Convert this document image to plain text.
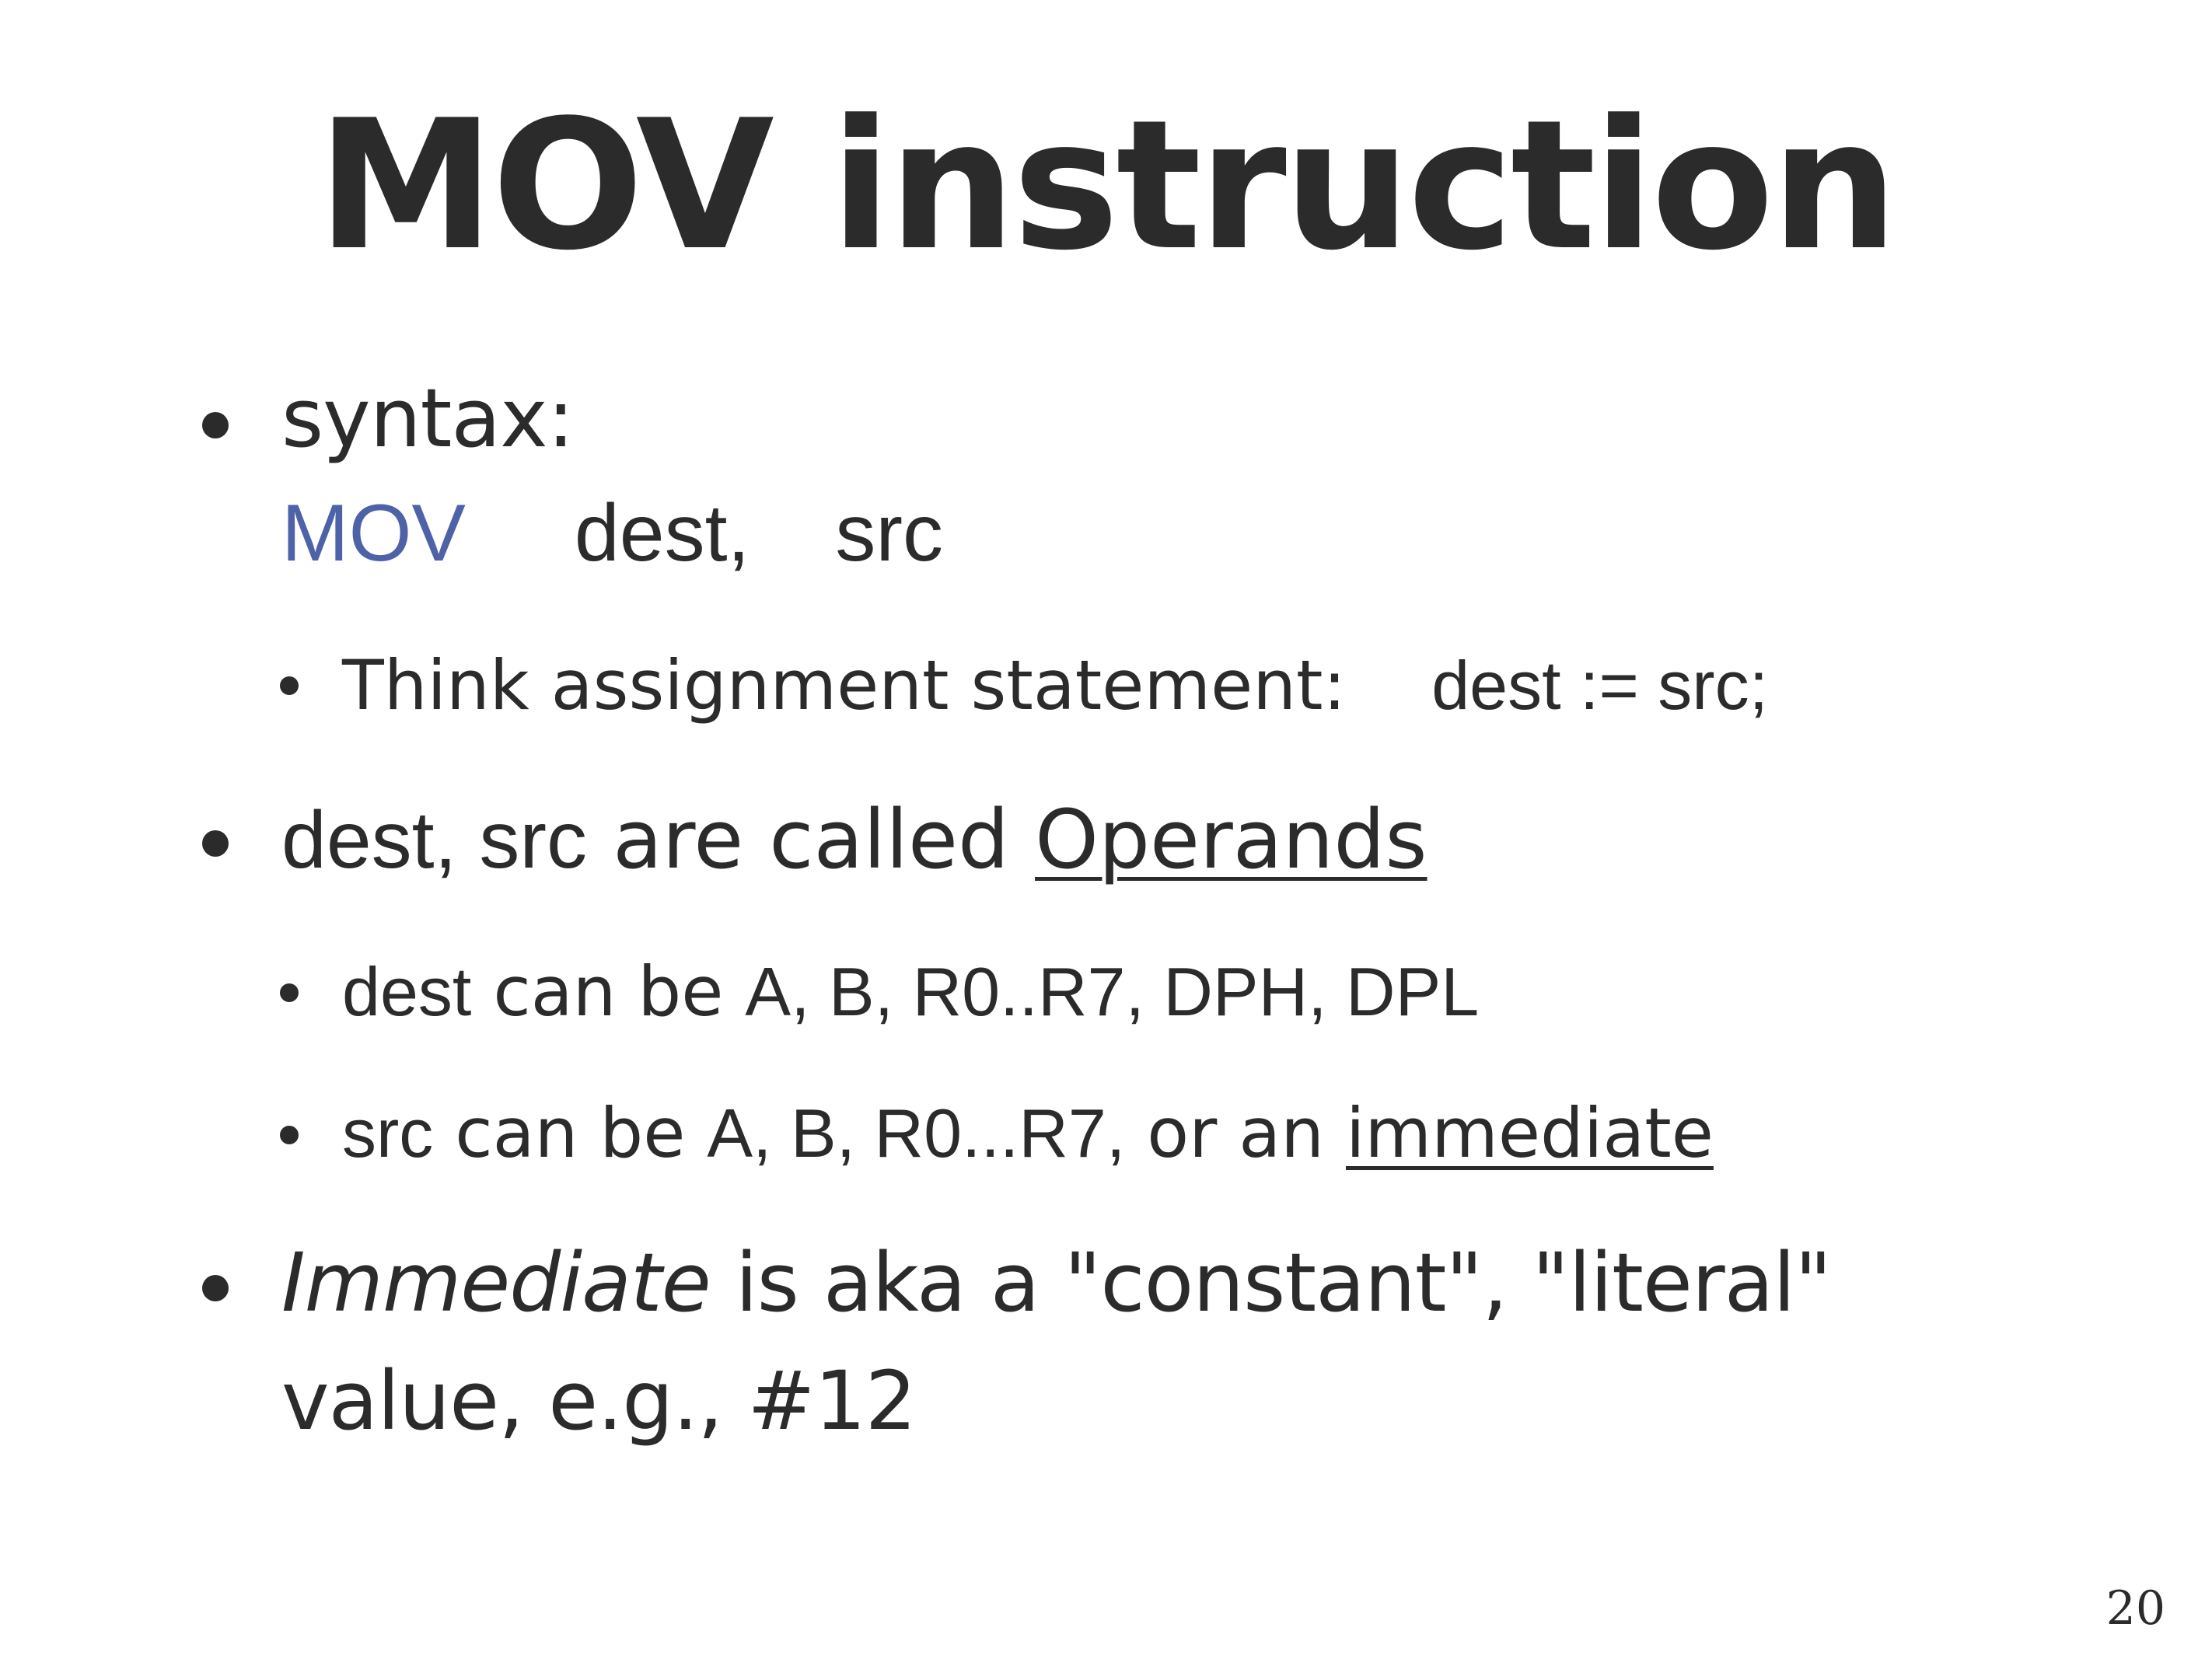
MOV instruction
syntax:
MOV dest, src
Think assignment statement: dest := src;
dest, src are called Operands
dest can be A, B, R0..R7, DPH, DPL
src can be A, B, R0...R7, or an immediate
Immediate is aka a "constant", "literal"
value, e.g., #12
20
